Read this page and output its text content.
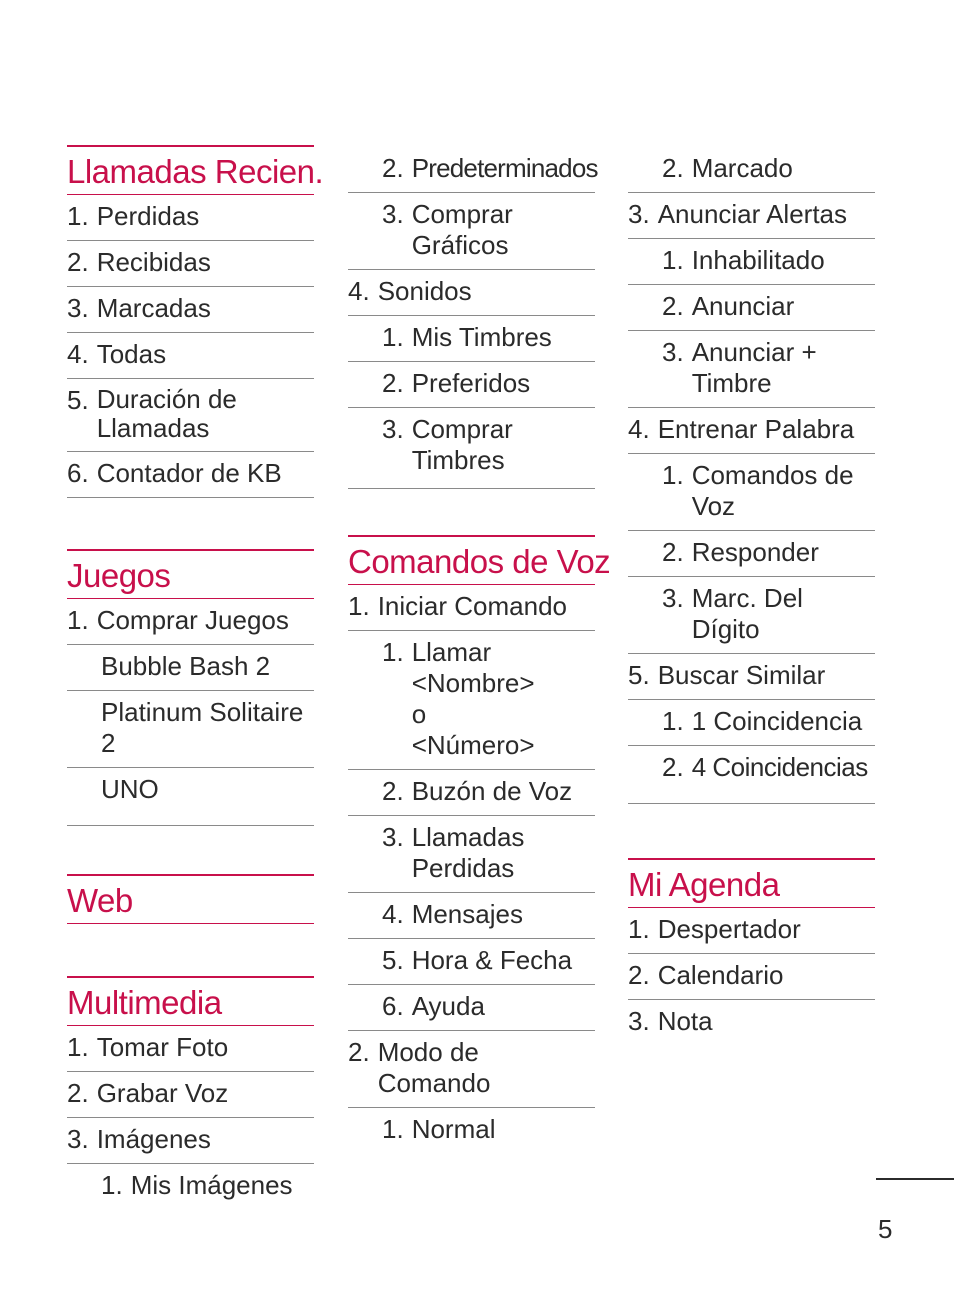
Llamadas Recien.
1. Perdidas
2. Recibidas
3. Marcadas
4. Todas
5. Duración de Llamadas
6. Contador de KB
Juegos
1. Comprar Juegos
Bubble Bash 2
Platinum Solitaire 2
UNO
Web
Multimedia
1. Tomar Foto
2. Grabar Voz
3. Imágenes
1. Mis Imágenes
2. Predeterminados
3. Comprar Gráficos
4. Sonidos
1. Mis Timbres
2. Preferidos
3. Comprar Timbres
Comandos de Voz
1. Iniciar Comando
1. Llamar <Nombre> o <Número>
2. Buzón de Voz
3. Llamadas Perdidas
4. Mensajes
5. Hora & Fecha
6. Ayuda
2. Modo de Comando
1. Normal
2. Marcado
3. Anunciar Alertas
1. Inhabilitado
2. Anunciar
3. Anunciar + Timbre
4. Entrenar Palabra
1. Comandos de Voz
2. Responder
3. Marc. Del Dígito
5. Buscar Similar
1. 1 Coincidencia
2. 4 Coincidencias
Mi Agenda
1. Despertador
2. Calendario
3. Nota
5
